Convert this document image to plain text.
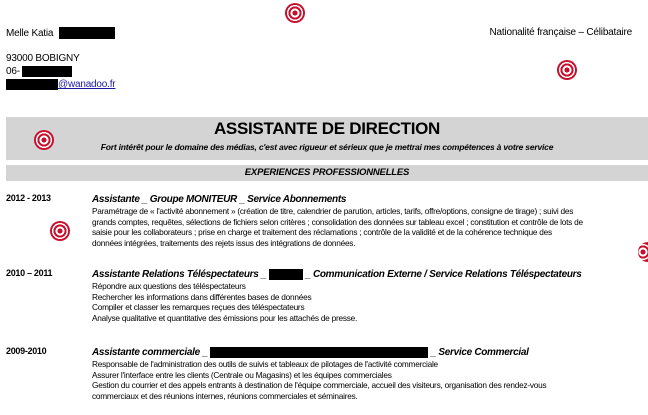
Melle Katia
93000 BOBIGNY
06-
@wanadoo.fr
Nationalité française – Célibataire
ASSISTANTE DE DIRECTION
Fort intérêt pour le domaine des médias, c'est avec rigueur et sérieux que je mettrai mes compétences à votre service
EXPERIENCES PROFESSIONNELLES
2012 - 2013	Assistante _ Groupe MONITEUR _ Service Abonnements
Paramétrage de « l'activité abonnement » (création de titre, calendrier de parution, articles, tarifs, offre/options, consigne de tirage) ; suivi des
grands comptes, requêtes, sélections de fichiers selon critères ; consolidation des données sur tableau excel ; constitution et contrôle de lots de
saisie pour les collaborateurs ; prise en charge et traitement des réclamations ; contrôle de la validité et de la cohérence technique des
données intégrées, traitements des rejets issus des intégrations de données.
2010 – 2011	Assistante Relations Téléspectateurs _	_ Communication Externe / Service Relations Téléspectateurs
Répondre aux questions des téléspectateurs
Rechercher les informations dans différentes bases de données
Compiler et classer les remarques reçues des téléspectateurs
Analyse qualitative et quantitative des émissions pour les attachés de presse.
2009-2010	Assistante commerciale _	_ Service Commercial
Responsable de l'administration des outils de suivis et tableaux de pilotages de l'activité commerciale
Assurer l'interface entre les clients (Centrale ou Magasins) et les équipes commerciales
Gestion du courrier et des appels entrants à destination de l'équipe commerciale, accueil des visiteurs, organisation des rendez-vous
commerciaux et des réunions internes, réunions commerciales et séminaires.
